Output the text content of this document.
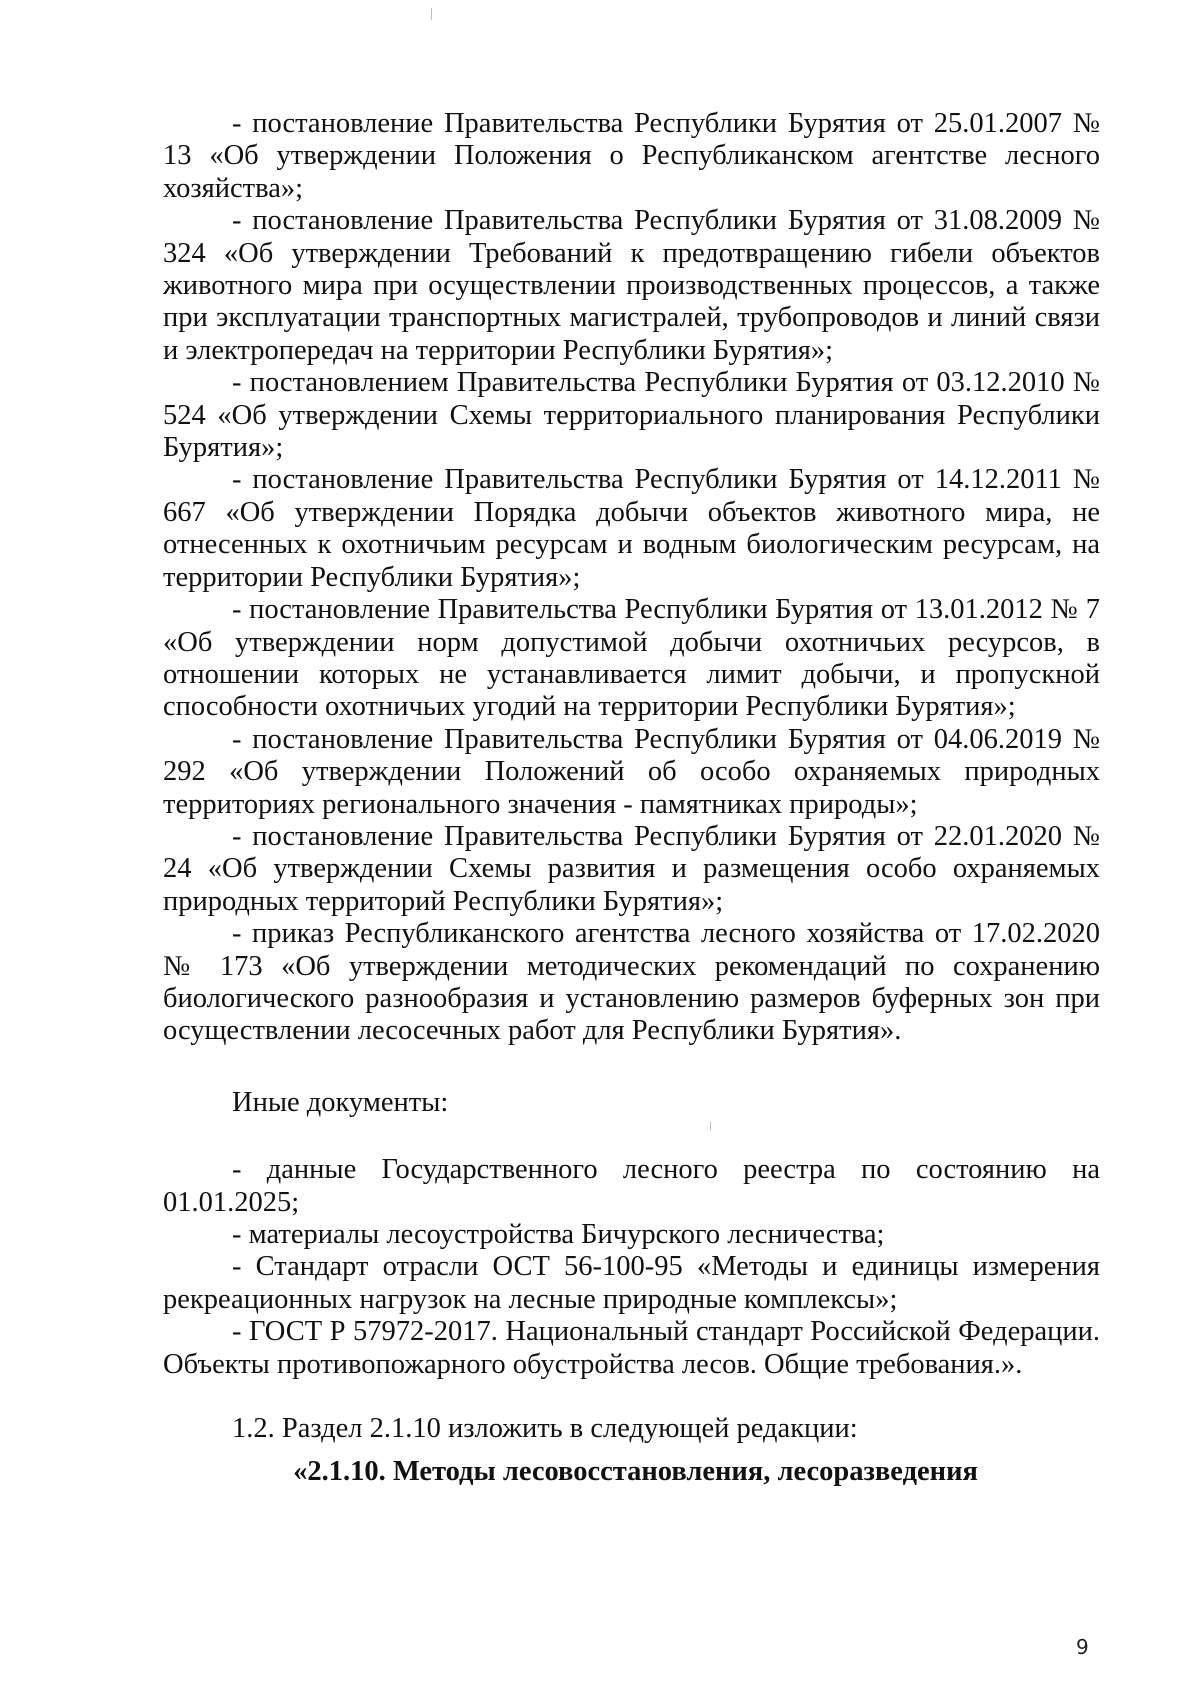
- постановление Правительства Республики Бурятия от 25.01.2007 № 13 «Об утверждении Положения о Республиканском агентстве лесного хозяйства»;

- постановление Правительства Республики Бурятия от 31.08.2009 № 324 «Об утверждении Требований к предотвращению гибели объектов животного мира при осуществлении производственных процессов, а также при эксплуатации транспортных магистралей, трубопроводов и линий связи и электропередач на территории Республики Бурятия»;

- постановлением Правительства Республики Бурятия от 03.12.2010 № 524 «Об утверждении Схемы территориального планирования Республики Бурятия»;

- постановление Правительства Республики Бурятия от 14.12.2011 № 667 «Об утверждении Порядка добычи объектов животного мира, не отнесенных к охотничьим ресурсам и водным биологическим ресурсам, на территории Республики Бурятия»;

- постановление Правительства Республики Бурятия от 13.01.2012 № 7 «Об утверждении норм допустимой добычи охотничьих ресурсов, в отношении которых не устанавливается лимит добычи, и пропускной способности охотничьих угодий на территории Республики Бурятия»;

- постановление Правительства Республики Бурятия от 04.06.2019 № 292 «Об утверждении Положений об особо охраняемых природных территориях регионального значения - памятниках природы»;

- постановление Правительства Республики Бурятия от 22.01.2020 № 24 «Об утверждении Схемы развития и размещения особо охраняемых природных территорий Республики Бурятия»;

- приказ Республиканского агентства лесного хозяйства от 17.02.2020 № 173 «Об утверждении методических рекомендаций по сохранению биологического разнообразия и установлению размеров буферных зон при осуществлении лесосечных работ для Республики Бурятия».

Иные документы:

- данные Государственного лесного реестра по состоянию на 01.01.2025;

- материалы лесоустройства Бичурского лесничества;

- Стандарт отрасли ОСТ 56-100-95 «Методы и единицы измерения рекреационных нагрузок на лесные природные комплексы»;

- ГОСТ Р 57972-2017. Национальный стандарт Российской Федерации. Объекты противопожарного обустройства лесов. Общие требования.».

1.2. Раздел 2.1.10 изложить в следующей редакции:

«2.1.10. Методы лесовосстановления, лесоразведения

9
